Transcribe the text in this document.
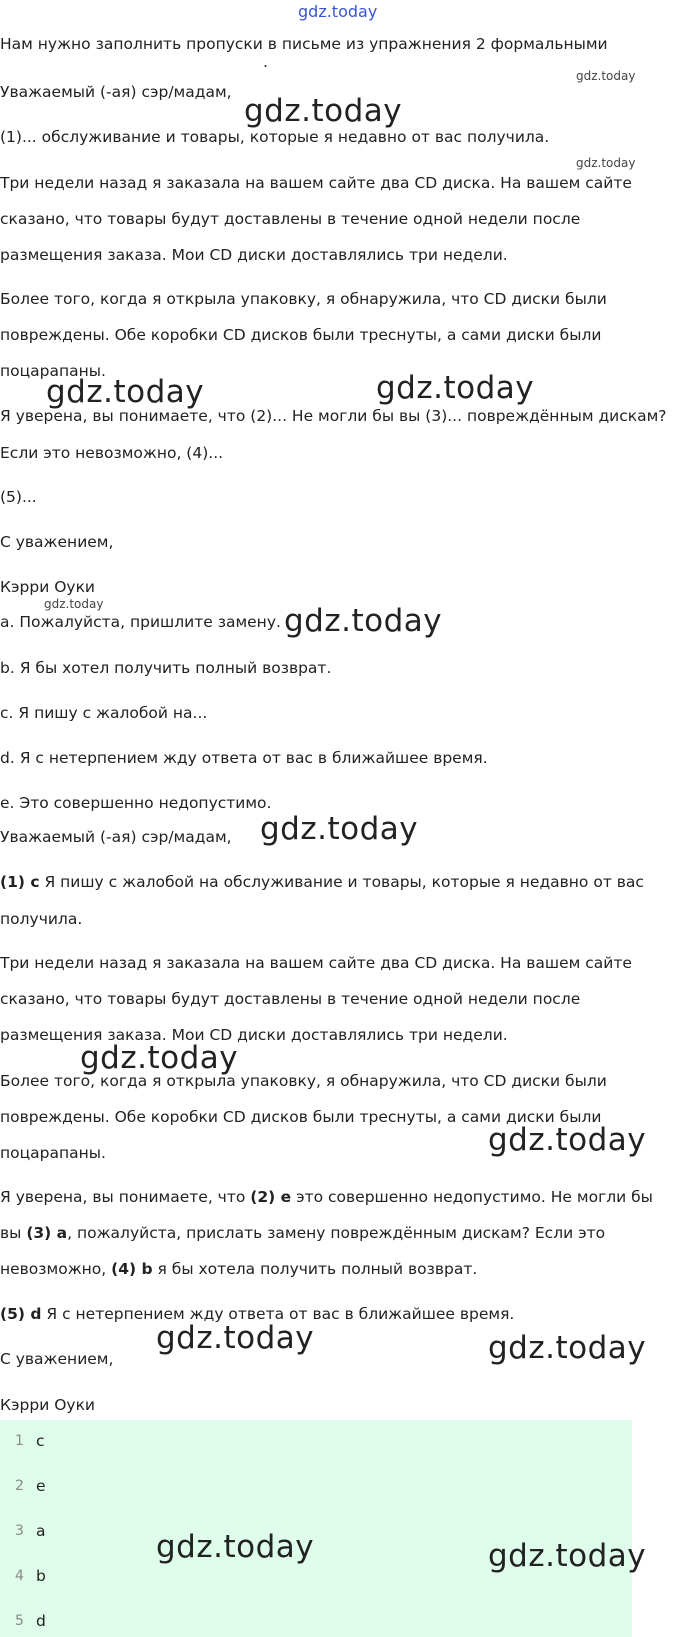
gdz.today

Нам нужно заполнить пропуски в письме из упражнения 2 формальными

.
gdz.today

Уважаемый (-ая) сэр/мадам,

gdz.today

(1)... обслуживание и товары, которые я недавно от вас получила.

gdz.today

Три недели назад я заказала на вашем сайте два CD диска. На вашем сайте

сказано, что товары будут доставлены в течение одной недели после

размещения заказа. Мои CD диски доставлялись три недели.

Более того, когда я открыла упаковку, я обнаружила, что CD диски были

повреждены. Обе коробки CD дисков были треснуты, а сами диски были

поцарапаны.

gdz.today	gdz.today

Я уверена, вы понимаете, что (2)... Не могли бы вы (3)... повреждённым дискам?

Если это невозможно, (4)...

(5)...

С уважением,

Кэрри Оуки

gdz.today

a. Пожалуйста, пришлите замену. gdz.today

b. Я бы хотел получить полный возврат.

c. Я пишу с жалобой на...

d. Я с нетерпением жду ответа от вас в ближайшее время.

e. Это совершенно недопустимо.

Уважаемый (-ая) сэр/мадам, gdz.today

(1) c Я пишу с жалобой на обслуживание и товары, которые я недавно от вас

получила.

Три недели назад я заказала на вашем сайте два CD диска. На вашем сайте

сказано, что товары будут доставлены в течение одной недели после

размещения заказа. Мои CD диски доставлялись три недели.

gdz.today

Более того, когда я открыла упаковку, я обнаружила, что CD диски были

повреждены. Обе коробки CD дисков были треснуты, а сами диски были

поцарапаны.	gdz.today

Я уверена, вы понимаете, что (2) e это совершенно недопустимо. Не могли бы

вы (3) a, пожалуйста, прислать замену повреждённым дискам? Если это

невозможно, (4) b я бы хотела получить полный возврат.

(5) d Я с нетерпением жду ответа от вас в ближайшее время.

gdz.today

С уважением,	gdz.today

Кэрри Оуки

1 c
2 e
3 a
4 b
5 d
gdz.today	gdz.today
